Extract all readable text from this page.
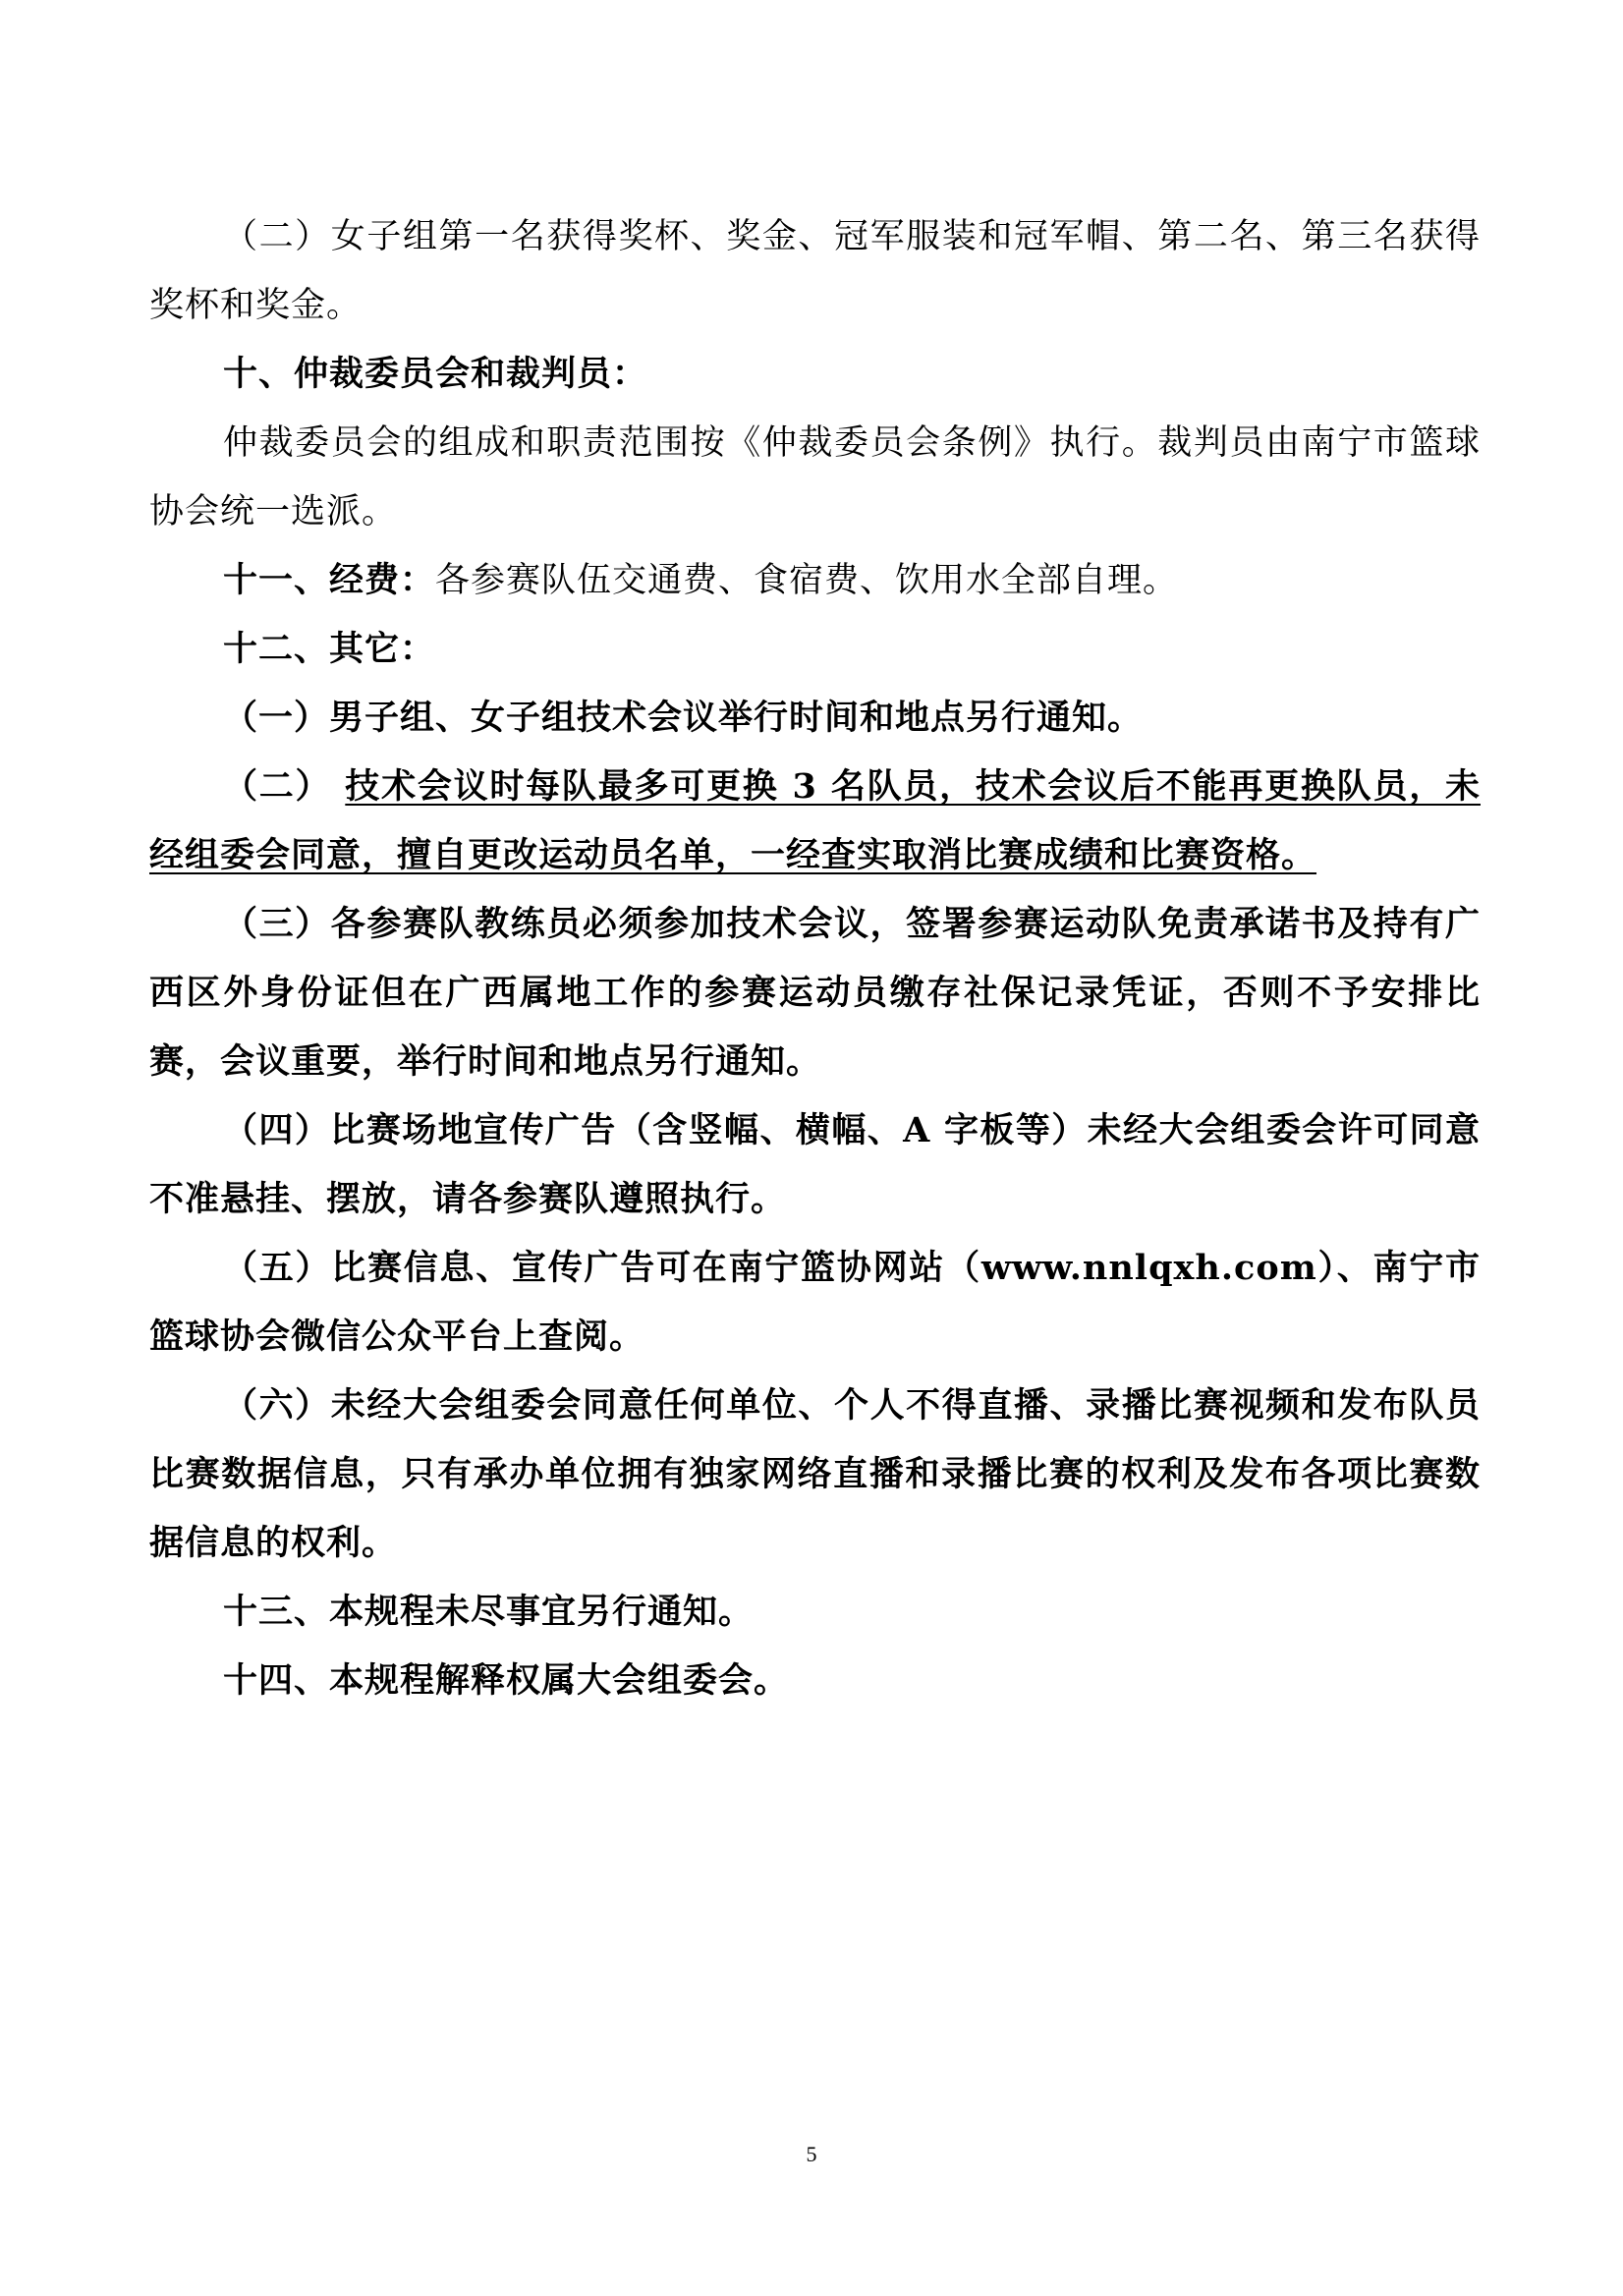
（二）女子组第一名获得奖杯、奖金、冠军服装和冠军帽、第二名、第三名获得奖杯和奖金。

十、仲裁委员会和裁判员：

仲裁委员会的组成和职责范围按《仲裁委员会条例》执行。裁判员由南宁市篮球协会统一选派。

十一、经费：各参赛队伍交通费、食宿费、饮用水全部自理。

十二、其它：

（一）男子组、女子组技术会议举行时间和地点另行通知。

（二） 技术会议时每队最多可更换 3 名队员，技术会议后不能再更换队员，未经组委会同意，擅自更改运动员名单，一经查实取消比赛成绩和比赛资格。

（三）各参赛队教练员必须参加技术会议，签署参赛运动队免责承诺书及持有广西区外身份证但在广西属地工作的参赛运动员缴存社保记录凭证，否则不予安排比赛，会议重要，举行时间和地点另行通知。

（四）比赛场地宣传广告（含竖幅、横幅、A 字板等）未经大会组委会许可同意不准悬挂、摆放，请各参赛队遵照执行。

（五）比赛信息、宣传广告可在南宁篮协网站（www.nnlqxh.com）、南宁市篮球协会微信公众平台上查阅。

（六）未经大会组委会同意任何单位、个人不得直播、录播比赛视频和发布队员比赛数据信息，只有承办单位拥有独家网络直播和录播比赛的权利及发布各项比赛数据信息的权利。

十三、本规程未尽事宜另行通知。

十四、本规程解释权属大会组委会。

5
